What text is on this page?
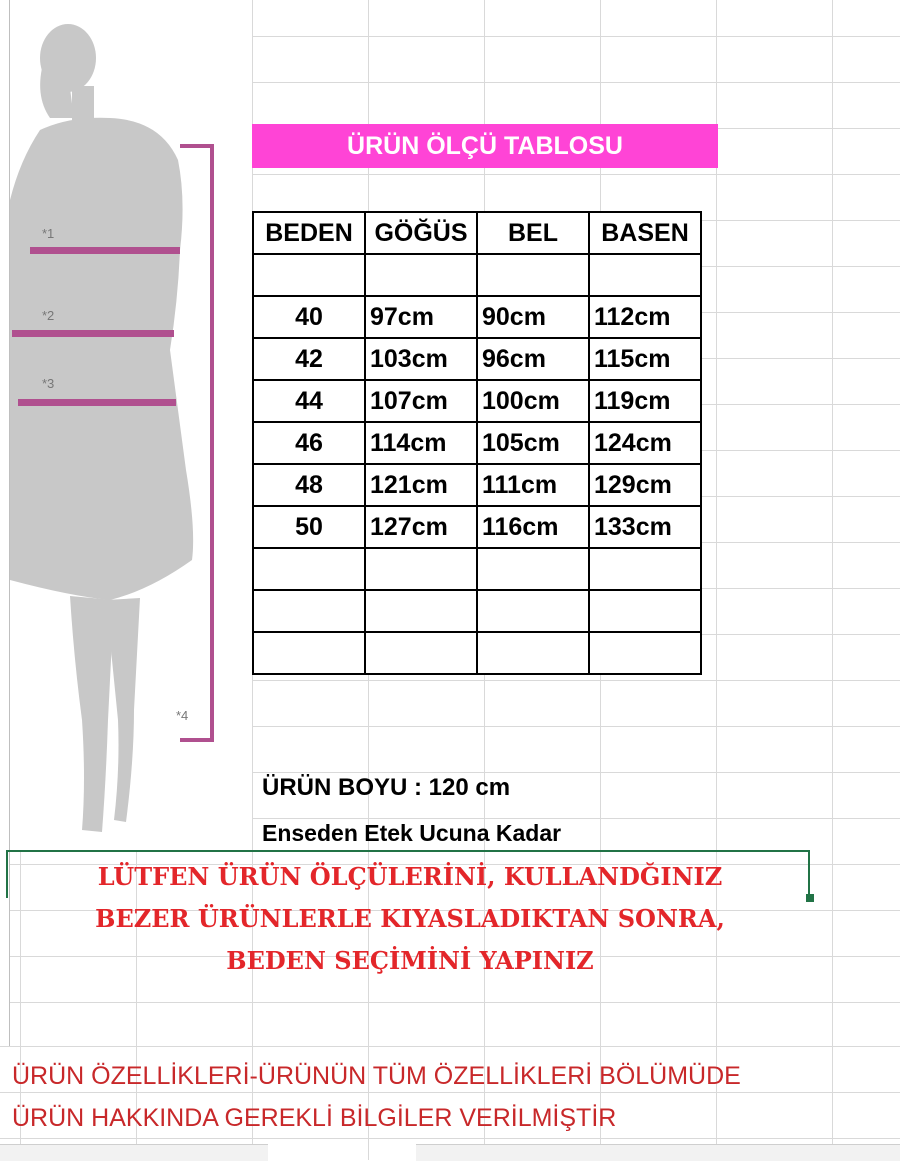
*1
*2
*3
*4
ÜRÜN ÖLÇÜ TABLOSU
BEDEN	GÖĞÜS	BEL	BASEN

40	97cm	90cm	112cm
42	103cm	96cm	115cm
44	107cm	100cm	119cm
46	114cm	105cm	124cm
48	121cm	111cm	129cm
50	127cm	116cm	133cm

ÜRÜN BOYU : 120 cm
Enseden Etek Ucuna Kadar
LÜTFEN ÜRÜN ÖLÇÜLERİNİ, KULLANDĞINIZ
BEZER ÜRÜNLERLE KIYASLADIKTAN SONRA,
BEDEN SEÇİMİNİ YAPINIZ
ÜRÜN ÖZELLİKLERİ-ÜRÜNÜN TÜM ÖZELLİKLERİ BÖLÜMÜDE
ÜRÜN HAKKINDA GEREKLİ BİLGİLER VERİLMİŞTİR
